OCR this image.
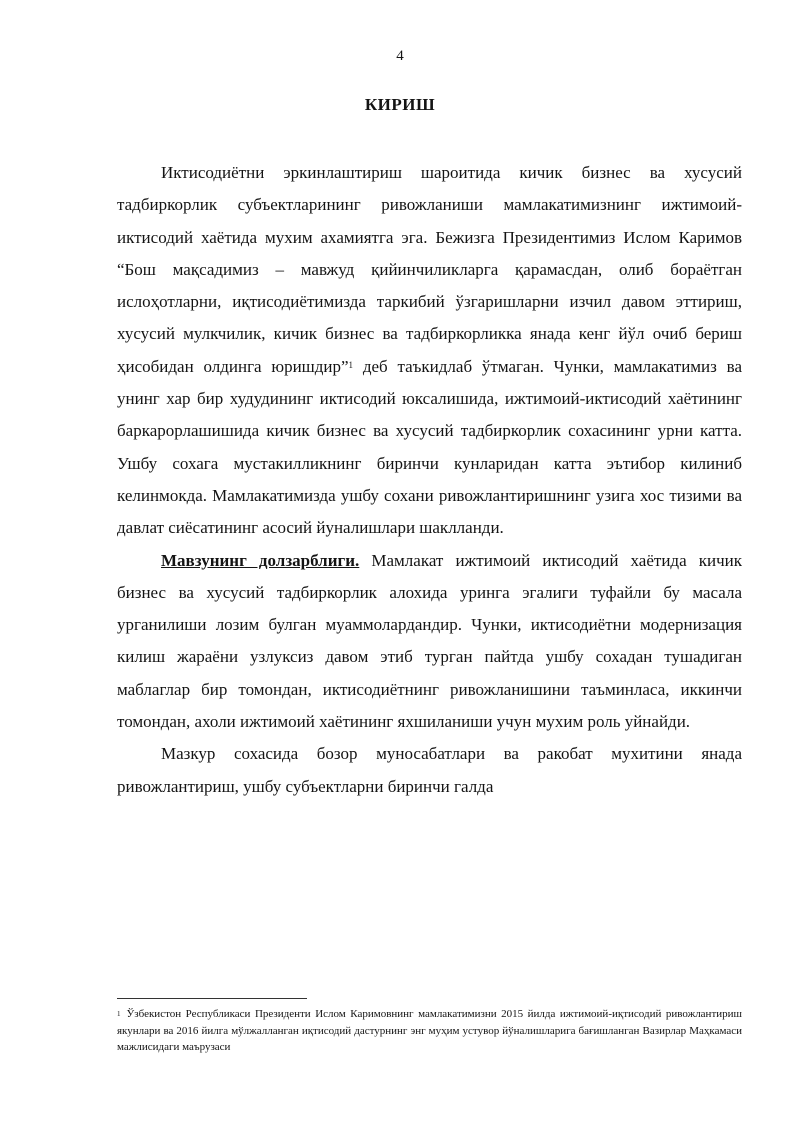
4
КИРИШ

Иктисодиётни эркинлаштириш шароитида кичик бизнес ва хусусий тадбиркорлик субъектларининг ривожланиши мамлакатимизнинг ижтимоий-иктисодий хаётида мухим ахамиятга эга. Бежизга Президентимиз Ислом Каримов “Бош мақсадимиз – мавжуд қийинчиликларга қарамасдан, олиб бораётган ислоҳотларни, иқтисодиётимизда таркибий ўзгаришларни изчил давом эттириш, хусусий мулкчилик, кичик бизнес ва тадбиркорликка янада кенг йўл очиб бериш ҳисобидан олдинга юришдир”$^1$ деб таъкидлаб ўтмаган. Чунки, мамлакатимиз ва унинг хар бир худудининг иктисодий юксалишида, ижтимоий-иктисодий хаётининг баркарорлашишида кичик бизнес ва хусусий тадбиркорлик сохасининг урни катта. Ушбу сохага мустакилликнинг биринчи кунларидан катта эътибор килиниб келинмокда. Мамлакатимизда ушбу сохани ривожлантиришнинг узига хос тизими ва давлат сиёсатининг асосий йуналишлари шаклланди.

Мавзунинг долзарблиги. Мамлакат ижтимоий иктисодий хаётида кичик бизнес ва хусусий тадбиркорлик алохида уринга эгалиги туфайли бу масала урганилиши лозим булган муаммолардандир. Чунки, иктисодиётни модернизация килиш жараёни узлуксиз давом этиб турган пайтда ушбу сохадан тушадиган маблаглар бир томондан, иктисодиётнинг ривожланишини таъминласа, иккинчи томондан, ахоли ижтимоий хаётининг яхшиланиши учун мухим роль уйнайди.

Мазкур сохасида бозор муносабатлари ва ракобат мухитини янада ривожлантириш, ушбу субъектларни биринчи галда

$^1$ Ўзбекистон Республикаси Президенти Ислом Каримовнинг мамлакатимизни 2015 йилда ижтимоий-иқтисодий ривожлантириш якунлари ва 2016 йилга мўлжалланган иқтисодий дастурнинг энг муҳим устувор йўналишларига бағишланган Вазирлар Маҳкамаси мажлисидаги маърузаси
